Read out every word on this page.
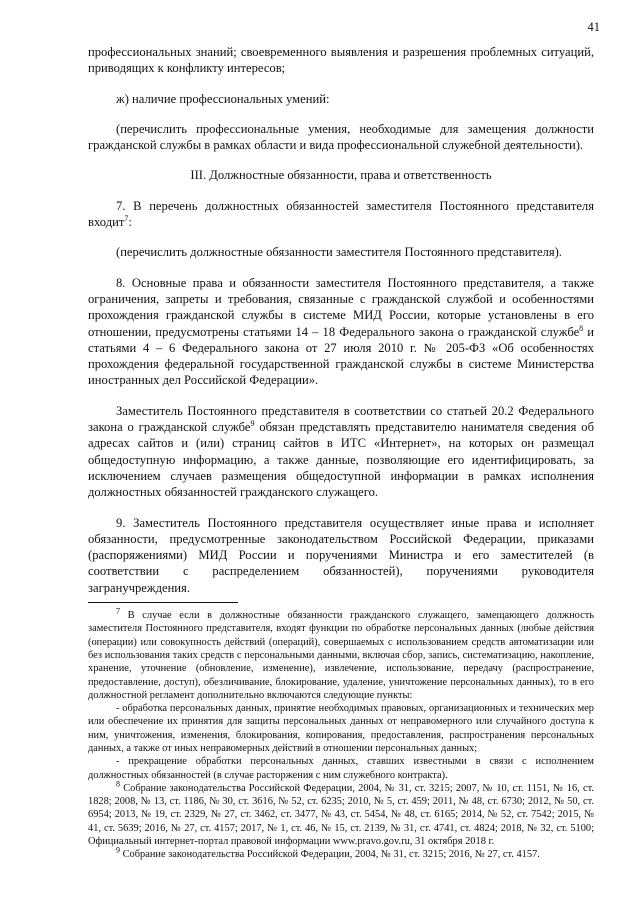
41

профессиональных знаний; своевременного выявления и разрешения проблемных ситуаций, приводящих к конфликту интересов;

ж) наличие профессиональных умений:

(перечислить профессиональные умения, необходимые для замещения должности гражданской службы в рамках области и вида профессиональной служебной деятельности).

III. Должностные обязанности, права и ответственность

7. В перечень должностных обязанностей заместителя Постоянного представителя входит$^7$:

(перечислить должностные обязанности заместителя Постоянного представителя).

8. Основные права и обязанности заместителя Постоянного представителя, а также ограничения, запреты и требования, связанные с гражданской службой и особенностями прохождения гражданской службы в системе МИД России, которые установлены в его отношении, предусмотрены статьями 14 – 18 Федерального закона о гражданской службе$^8$ и статьями 4 – 6 Федерального закона от 27 июля 2010 г. № 205-ФЗ «Об особенностях прохождения федеральной государственной гражданской службы в системе Министерства иностранных дел Российской Федерации».

Заместитель Постоянного представителя в соответствии со статьей 20.2 Федерального закона о гражданской службе$^9$ обязан представлять представителю нанимателя сведения об адресах сайтов и (или) страниц сайтов в ИТС «Интернет», на которых он размещал общедоступную информацию, а также данные, позволяющие его идентифицировать, за исключением случаев размещения общедоступной информации в рамках исполнения должностных обязанностей гражданского служащего.

9. Заместитель Постоянного представителя осуществляет иные права и исполняет обязанности, предусмотренные законодательством Российской Федерации, приказами (распоряжениями) МИД России и поручениями Министра и его заместителей (в соответствии с распределением обязанностей), поручениями руководителя загранучреждения.

$^7$ В случае если в должностные обязанности гражданского служащего, замещающего должность заместителя Постоянного представителя, входят функции по обработке персональных данных (любые действия (операции) или совокупность действий (операций), совершаемых с использованием средств автоматизации или без использования таких средств с персональными данными, включая сбор, запись, систематизацию, накопление, хранение, уточнение (обновление, изменение), извлечение, использование, передачу (распространение, предоставление, доступ), обезличивание, блокирование, удаление, уничтожение персональных данных), то в его должностной регламент дополнительно включаются следующие пункты:

- обработка персональных данных, принятие необходимых правовых, организационных и технических мер или обеспечение их принятия для защиты персональных данных от неправомерного или случайного доступа к ним, уничтожения, изменения, блокирования, копирования, предоставления, распространения персональных данных, а также от иных неправомерных действий в отношении персональных данных;

- прекращение обработки персональных данных, ставших известными в связи с исполнением должностных обязанностей (в случае расторжения с ним служебного контракта).

$^8$ Собрание законодательства Российской Федерации, 2004, № 31, ст. 3215; 2007, № 10, ст. 1151, № 16, ст. 1828; 2008, № 13, ст. 1186, № 30, ст. 3616, № 52, ст. 6235; 2010, № 5, ст. 459; 2011, № 48, ст. 6730; 2012, № 50, ст. 6954; 2013, № 19, ст. 2329, № 27, ст. 3462, ст. 3477, № 43, ст. 5454, № 48, ст. 6165; 2014, № 52, ст. 7542; 2015, № 41, ст. 5639; 2016, № 27, ст. 4157; 2017, № 1, ст. 46, № 15, ст. 2139, № 31, ст. 4741, ст. 4824; 2018, № 32, ст. 5100; Официальный интернет-портал правовой информации www.pravo.gov.ru, 31 октября 2018 г.

$^9$ Собрание законодательства Российской Федерации, 2004, № 31, ст. 3215; 2016, № 27, ст. 4157.
